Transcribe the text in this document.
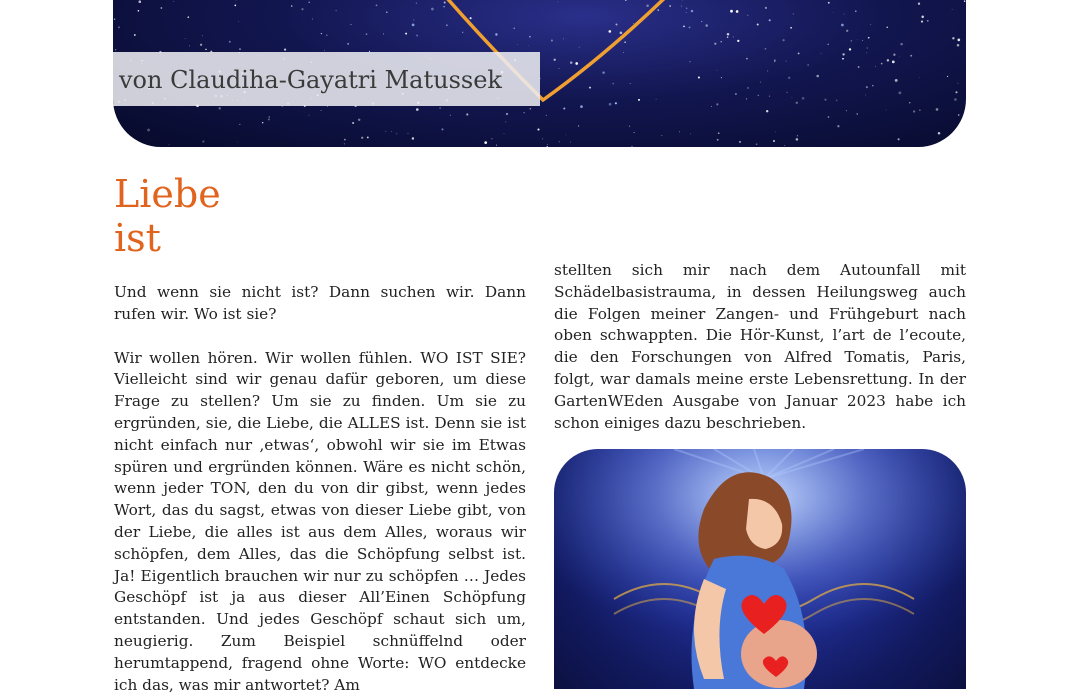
von Claudiha-Gayatri Matussek
Liebe
ist

Und wenn sie nicht ist? Dann suchen wir. Dann rufen wir. Wo ist sie?

Wir wollen hören. Wir wollen fühlen. WO IST SIE? Vielleicht sind wir genau dafür geboren, um diese Frage zu stellen? Um sie zu finden. Um sie zu ergründen, sie, die Liebe, die ALLES ist. Denn sie ist nicht einfach nur ‚etwas‘, obwohl wir sie im Etwas spüren und ergründen können. Wäre es nicht schön, wenn jeder TON, den du von dir gibst, wenn jedes Wort, das du sagst, etwas von dieser Liebe gibt, von der Liebe, die alles ist aus dem Alles, woraus wir schöpfen, dem Alles, das die Schöpfung selbst ist. Ja! Eigentlich brauchen wir nur zu schöpfen … Jedes Geschöpf ist ja aus dieser All’Einen Schöpfung entstanden. Und jedes Geschöpf schaut sich um, neugierig. Zum Beispiel schnüffelnd oder herumtappend, fragend ohne Worte: WO entdecke ich das, was mir antwortet? Am

stellten sich mir nach dem Autounfall mit Schädelbasistrauma, in dessen Heilungsweg auch die Folgen meiner Zangen- und Frühgeburt nach oben schwappten. Die Hör-Kunst, l’art de l’ecoute, die den Forschungen von Alfred Tomatis, Paris, folgt, war damals meine erste Lebensrettung. In der GartenWEden Ausgabe von Januar 2023 habe ich schon einiges dazu beschrieben.
